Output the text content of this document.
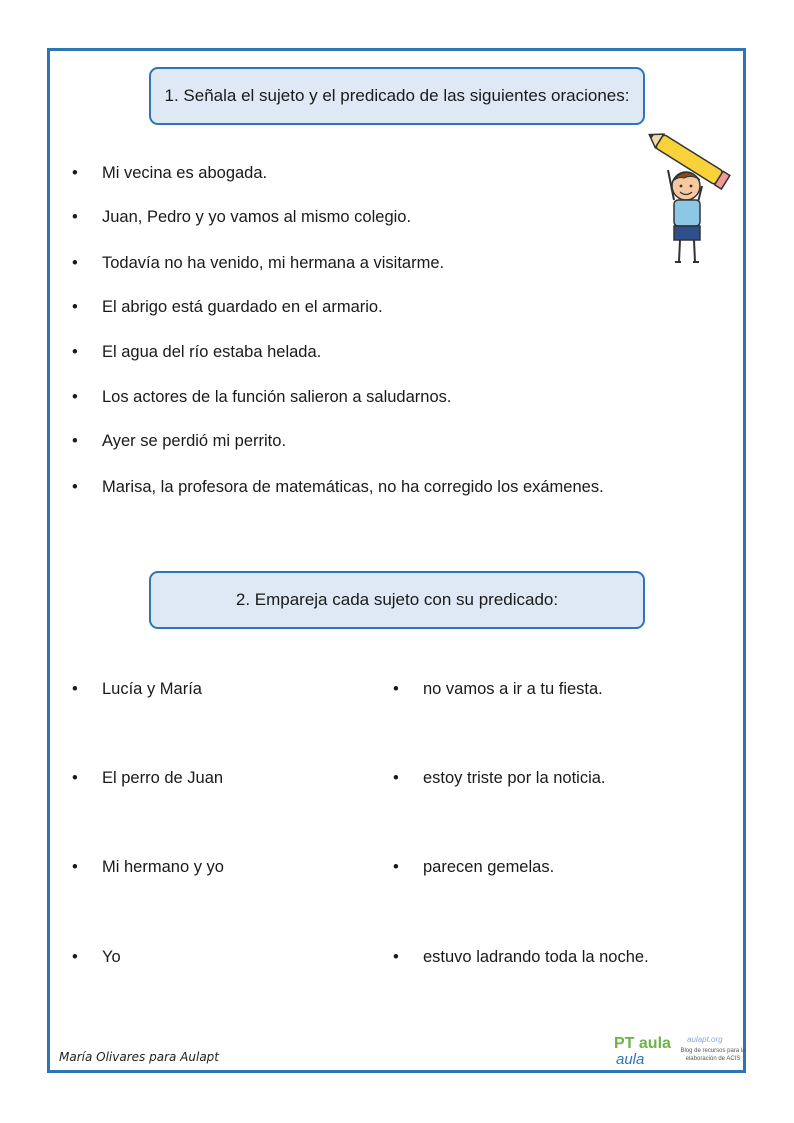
1. Señala el sujeto y el predicado de las siguientes oraciones:
• Mi vecina es abogada.
• Juan, Pedro y yo vamos al mismo colegio.
• Todavía no ha venido, mi hermana a visitarme.
• El abrigo está guardado en el armario.
• El agua del río estaba helada.
• Los actores de la función salieron a saludarnos.
• Ayer se perdió mi perrito.
• Marisa, la profesora de matemáticas, no ha corregido los exámenes.
2. Empareja cada sujeto con su predicado:
• Lucía y María
• El perro de Juan
• Mi hermano y yo
• Yo
• no vamos a ir a tu fiesta.
• estoy triste por la noticia.
• parecen gemelas.
• estuvo ladrando toda la noche.
María Olivares para Aulapt
PT aula
aula
aulapt.org
Blog de recursos para la elaboración de ACIS
